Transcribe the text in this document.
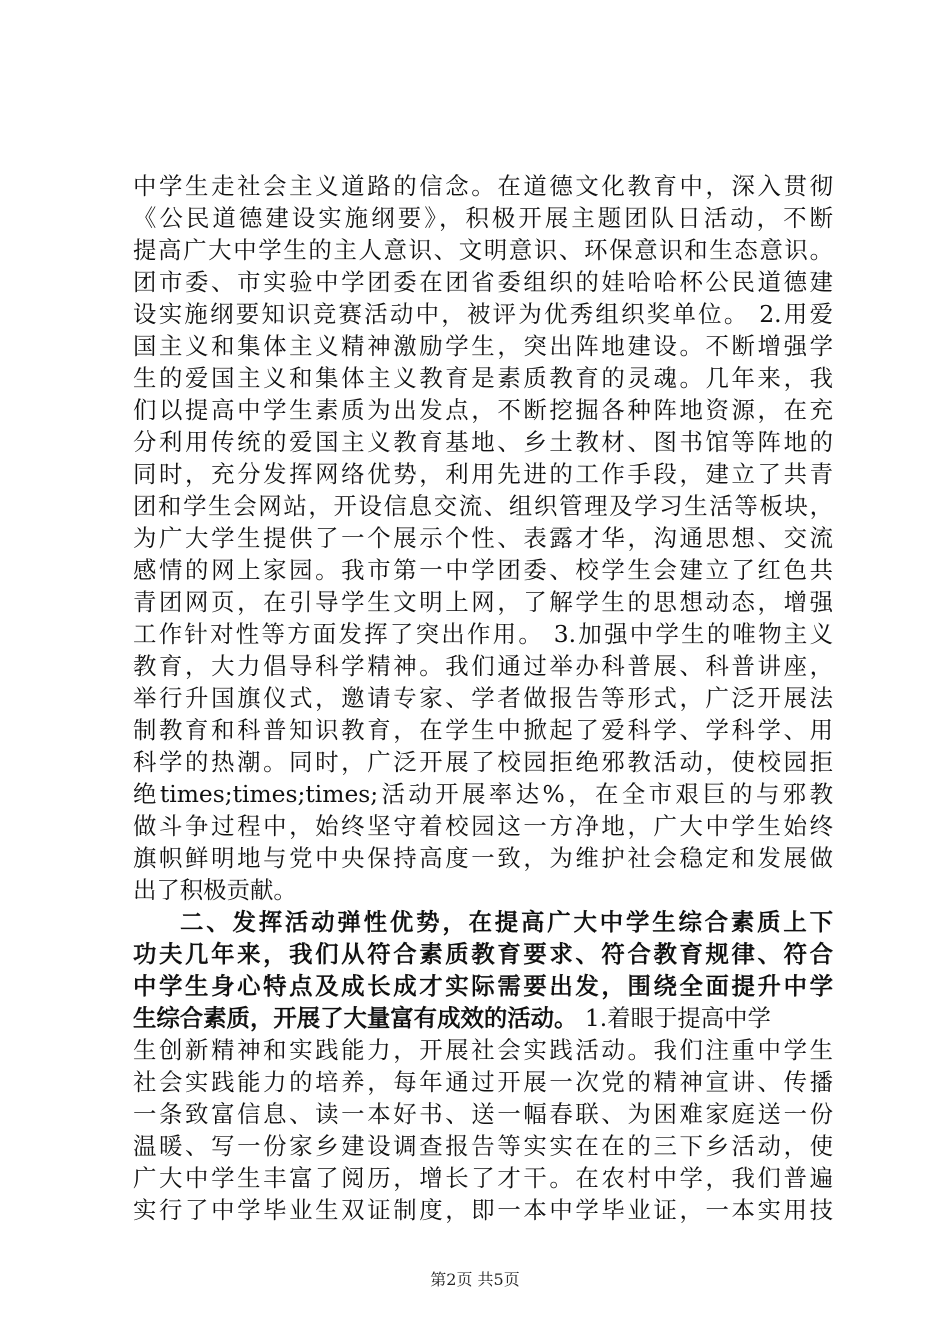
中学生走社会主义道路的信念。在道德文化教育中，深入贯彻
《公民道德建设实施纲要》，积极开展主题团队日活动，不断
提高广大中学生的主人意识、文明意识、环保意识和生态意识。
团市委、市实验中学团委在团省委组织的娃哈哈杯公民道德建
设实施纲要知识竞赛活动中，被评为优秀组织奖单位。 2.用爱
国主义和集体主义精神激励学生，突出阵地建设。不断增强学
生的爱国主义和集体主义教育是素质教育的灵魂。几年来，我
们以提高中学生素质为出发点，不断挖掘各种阵地资源，在充
分利用传统的爱国主义教育基地、乡土教材、图书馆等阵地的
同时，充分发挥网络优势，利用先进的工作手段，建立了共青
团和学生会网站，开设信息交流、组织管理及学习生活等板块，
为广大学生提供了一个展示个性、表露才华，沟通思想、交流
感情的网上家园。我市第一中学团委、校学生会建立了红色共
青团网页，在引导学生文明上网，了解学生的思想动态，增强
工作针对性等方面发挥了突出作用。 3.加强中学生的唯物主义
教育，大力倡导科学精神。我们通过举办科普展、科普讲座，
举行升国旗仪式，邀请专家、学者做报告等形式，广泛开展法
制教育和科普知识教育，在学生中掀起了爱科学、学科学、用
科学的热潮。同时，广泛开展了校园拒绝邪教活动，使校园拒
绝times;times;times;活动开展率达%，在全市艰巨的与邪教
做斗争过程中，始终坚守着校园这一方净地，广大中学生始终
旗帜鲜明地与党中央保持高度一致，为维护社会稳定和发展做
出了积极贡献。
二、发挥活动弹性优势，在提高广大中学生综合素质上下
功夫几年来，我们从符合素质教育要求、符合教育规律、符合
中学生身心特点及成长成才实际需要出发，围绕全面提升中学
生综合素质，开展了大量富有成效的活动。 1.着眼于提高中学
生创新精神和实践能力，开展社会实践活动。我们注重中学生
社会实践能力的培养，每年通过开展一次党的精神宣讲、传播
一条致富信息、读一本好书、送一幅春联、为困难家庭送一份
温暖、写一份家乡建设调查报告等实实在在的三下乡活动，使
广大中学生丰富了阅历，增长了才干。在农村中学，我们普遍
实行了中学毕业生双证制度，即一本中学毕业证，一本实用技
第2页 共5页
